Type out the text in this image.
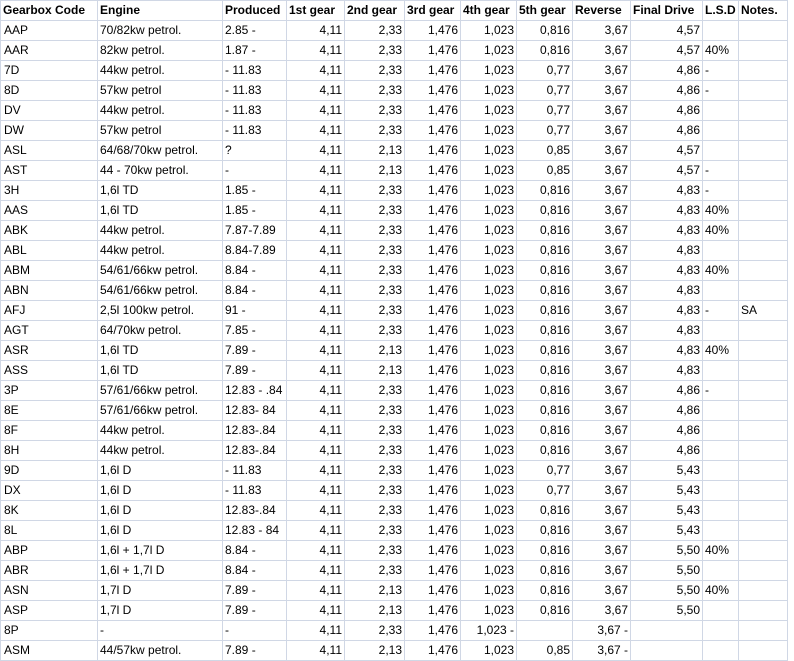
Gearbox Code	Engine	Produced	1st gear	2nd gear	3rd gear	4th gear	5th gear	Reverse	Final Drive	L.S.D	Notes.
AAP	70/82kw petrol.	2.85 -	4,11	2,33	1,476	1,023	0,816	3,67	4,57		
AAR	82kw petrol.	1.87 -	4,11	2,33	1,476	1,023	0,816	3,67	4,57	40%	
7D	44kw petrol.	- 11.83	4,11	2,33	1,476	1,023	0,77	3,67	4,86	-	
8D	57kw petrol	- 11.83	4,11	2,33	1,476	1,023	0,77	3,67	4,86	-	
DV	44kw petrol.	- 11.83	4,11	2,33	1,476	1,023	0,77	3,67	4,86		
DW	57kw petrol	- 11.83	4,11	2,33	1,476	1,023	0,77	3,67	4,86		
ASL	64/68/70kw petrol.	?	4,11	2,13	1,476	1,023	0,85	3,67	4,57		
AST	44 - 70kw petrol.	-	4,11	2,13	1,476	1,023	0,85	3,67	4,57	-	
3H	1,6l TD	1.85 -	4,11	2,33	1,476	1,023	0,816	3,67	4,83	-	
AAS	1,6l TD	1.85 -	4,11	2,33	1,476	1,023	0,816	3,67	4,83	40%	
ABK	44kw petrol.	7.87-7.89	4,11	2,33	1,476	1,023	0,816	3,67	4,83	40%	
ABL	44kw petrol.	8.84-7.89	4,11	2,33	1,476	1,023	0,816	3,67	4,83		
ABM	54/61/66kw petrol.	8.84 -	4,11	2,33	1,476	1,023	0,816	3,67	4,83	40%	
ABN	54/61/66kw petrol.	8.84 -	4,11	2,33	1,476	1,023	0,816	3,67	4,83		
AFJ	2,5l 100kw petrol.	91 -	4,11	2,33	1,476	1,023	0,816	3,67	4,83	-	SA
AGT	64/70kw petrol.	7.85 -	4,11	2,33	1,476	1,023	0,816	3,67	4,83		
ASR	1,6l TD	7.89 -	4,11	2,13	1,476	1,023	0,816	3,67	4,83	40%	
ASS	1,6l TD	7.89 -	4,11	2,13	1,476	1,023	0,816	3,67	4,83		
3P	57/61/66kw petrol.	12.83 - .84	4,11	2,33	1,476	1,023	0,816	3,67	4,86	-	
8E	57/61/66kw petrol.	12.83- 84	4,11	2,33	1,476	1,023	0,816	3,67	4,86		
8F	44kw petrol.	12.83-.84	4,11	2,33	1,476	1,023	0,816	3,67	4,86		
8H	44kw petrol.	12.83-.84	4,11	2,33	1,476	1,023	0,816	3,67	4,86		
9D	1,6l D	- 11.83	4,11	2,33	1,476	1,023	0,77	3,67	5,43		
DX	1,6l D	- 11.83	4,11	2,33	1,476	1,023	0,77	3,67	5,43		
8K	1,6l D	12.83-.84	4,11	2,33	1,476	1,023	0,816	3,67	5,43		
8L	1,6l D	12.83 - 84	4,11	2,33	1,476	1,023	0,816	3,67	5,43		
ABP	1,6l + 1,7l D	8.84 -	4,11	2,33	1,476	1,023	0,816	3,67	5,50	40%	
ABR	1,6l + 1,7l D	8.84 -	4,11	2,33	1,476	1,023	0,816	3,67	5,50		
ASN	1,7l D	7.89 -	4,11	2,13	1,476	1,023	0,816	3,67	5,50	40%	
ASP	1,7l D	7.89 -	4,11	2,13	1,476	1,023	0,816	3,67	5,50		
8P	-	-	4,11	2,33	1,476	1,023 -		3,67 -			
ASM	44/57kw petrol.	7.89 -	4,11	2,13	1,476	1,023	0,85	3,67 -			
